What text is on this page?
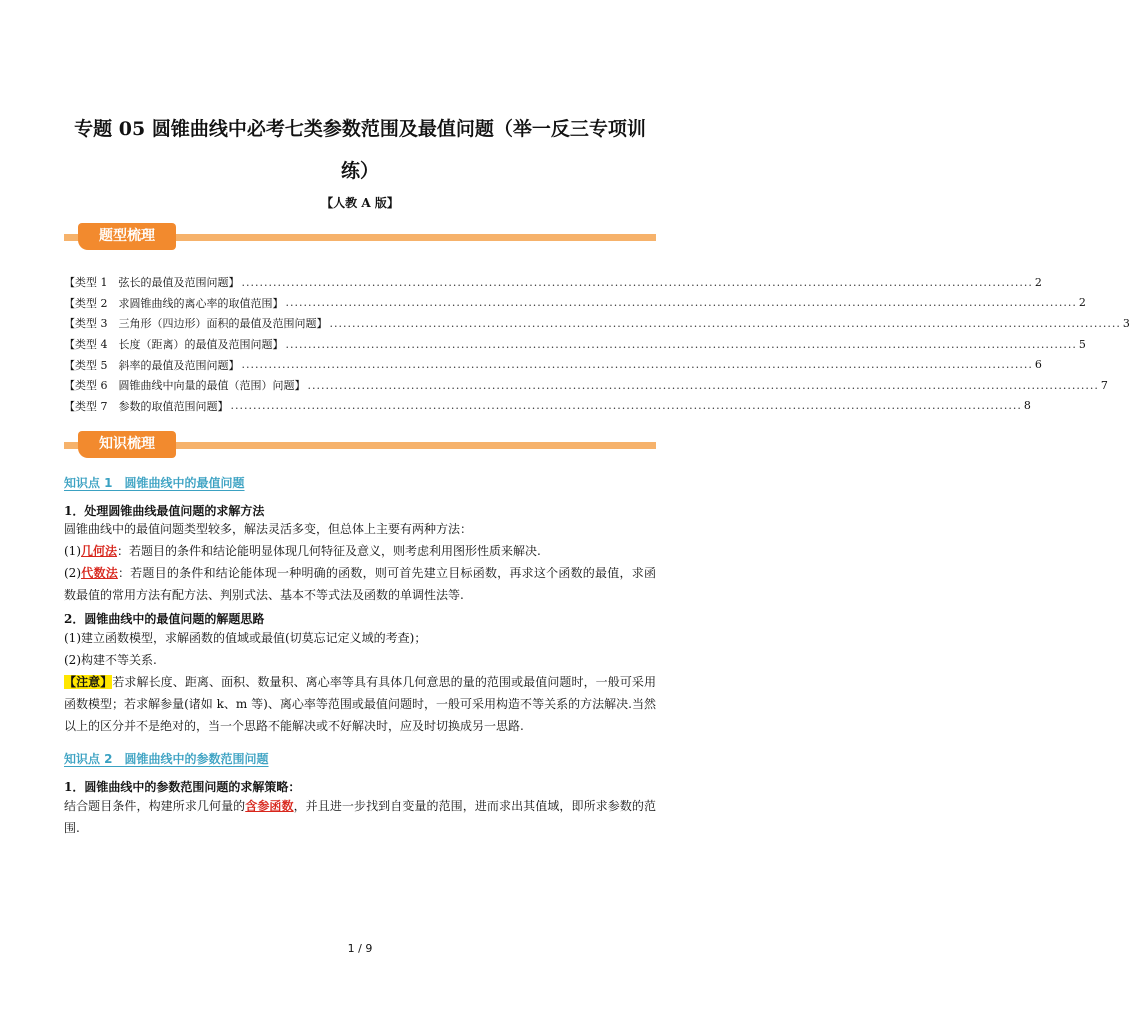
专题 05 圆锥曲线中必考七类参数范围及最值问题（举一反三专项训练）
【人教 A 版】
题型梳理
【类型 1　弦长的最值及范围问题】 ................................................................................................................................................................................ 2
【类型 2　求圆锥曲线的离心率的取值范围】 ................................................................................................................................................................................ 2
【类型 3　三角形（四边形）面积的最值及范围问题】 ................................................................................................................................................................................ 3
【类型 4　长度（距离）的最值及范围问题】 ................................................................................................................................................................................ 5
【类型 5　斜率的最值及范围问题】 ................................................................................................................................................................................ 6
【类型 6　圆锥曲线中向量的最值（范围）问题】 ................................................................................................................................................................................ 7
【类型 7　参数的取值范围问题】 ................................................................................................................................................................................ 8
知识梳理
知识点 1　圆锥曲线中的最值问题
1．处理圆锥曲线最值问题的求解方法
圆锥曲线中的最值问题类型较多，解法灵活多变，但总体上主要有两种方法：
(1)几何法：若题目的条件和结论能明显体现几何特征及意义，则考虑利用图形性质来解决.
(2)代数法：若题目的条件和结论能体现一种明确的函数，则可首先建立目标函数，再求这个函数的最值，求函数最值的常用方法有配方法、判别式法、基本不等式法及函数的单调性法等.
2．圆锥曲线中的最值问题的解题思路
(1)建立函数模型，求解函数的值域或最值(切莫忘记定义域的考查)；
(2)构建不等关系.
【注意】若求解长度、距离、面积、数量积、离心率等具有具体几何意思的量的范围或最值问题时，一般可采用函数模型；若求解参量(诸如 k、m 等)、离心率等范围或最值问题时，一般可采用构造不等关系的方法解决.当然以上的区分并不是绝对的，当一个思路不能解决或不好解决时，应及时切换成另一思路.
知识点 2　圆锥曲线中的参数范围问题
1．圆锥曲线中的参数范围问题的求解策略：
结合题目条件，构建所求几何量的含参函数，并且进一步找到自变量的范围，进而求出其值域，即所求参数的范围.
1 / 9
